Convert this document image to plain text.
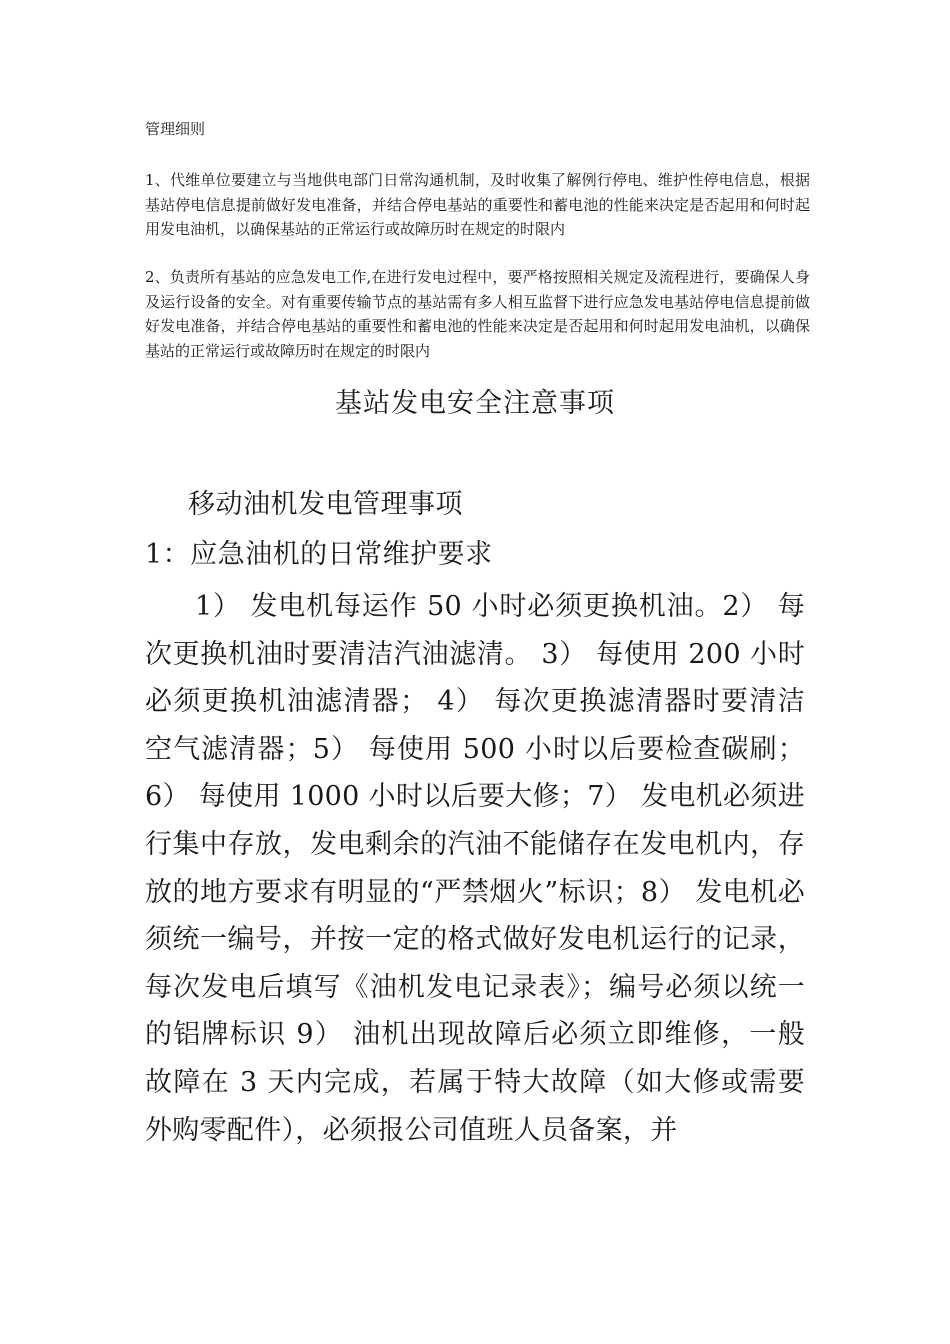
管理细则

1、代维单位要建立与当地供电部门日常沟通机制，及时收集了解例行停电、维护性停电信息，根据基站停电信息提前做好发电准备，并结合停电基站的重要性和蓄电池的性能来决定是否起用和何时起用发电油机，以确保基站的正常运行或故障历时在规定的时限内

2、负责所有基站的应急发电工作,在进行发电过程中，要严格按照相关规定及流程进行，要确保人身及运行设备的安全。对有重要传输节点的基站需有多人相互监督下进行应急发电基站停电信息提前做好发电准备，并结合停电基站的重要性和蓄电池的性能来决定是否起用和何时起用发电油机，以确保基站的正常运行或故障历时在规定的时限内

基站发电安全注意事项
移动油机发电管理事项
1：应急油机的日常维护要求

1） 发电机每运作 50 小时必须更换机油。2） 每次更换机油时要清洁汽油滤清。 3） 每使用 200 小时必须更换机油滤清器； 4） 每次更换滤清器时要清洁空气滤清器；5） 每使用 500 小时以后要检查碳刷；6） 每使用 1000 小时以后要大修；7） 发电机必须进行集中存放，发电剩余的汽油不能储存在发电机内，存放的地方要求有明显的“严禁烟火”标识；8） 发电机必须统一编号，并按一定的格式做好发电机运行的记录，每次发电后填写《油机发电记录表》；编号必须以统一的铝牌标识 9） 油机出现故障后必须立即维修，一般故障在 3 天内完成，若属于特大故障（如大修或需要外购零配件），必须报公司值班人员备案，并
